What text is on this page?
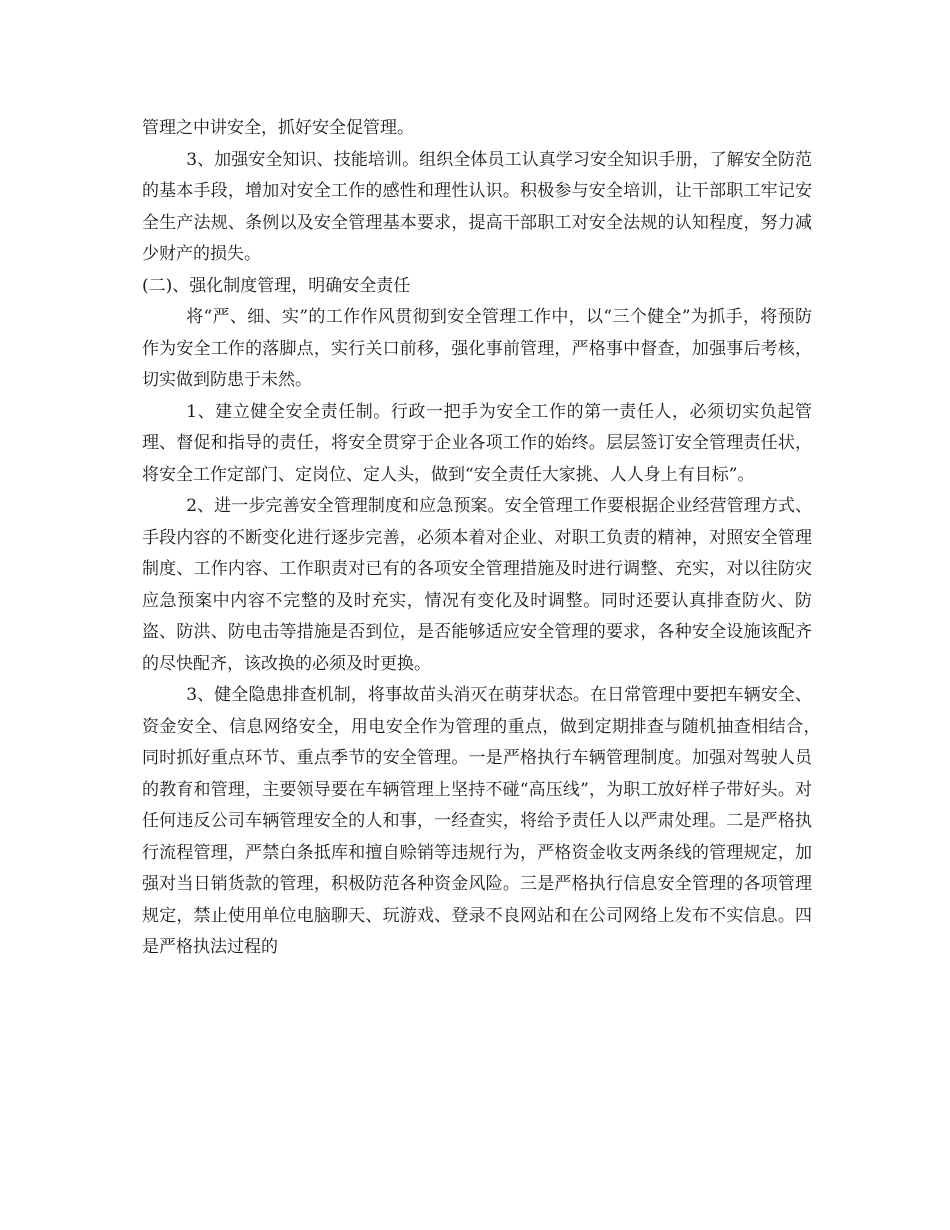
管理之中讲安全，抓好安全促管理。

3、加强安全知识、技能培训。组织全体员工认真学习安全知识手册，了解安全防范的基本手段，增加对安全工作的感性和理性认识。积极参与安全培训，让干部职工牢记安全生产法规、条例以及安全管理基本要求，提高干部职工对安全法规的认知程度，努力减少财产的损失。

(二)、强化制度管理，明确安全责任

将“严、细、实”的工作作风贯彻到安全管理工作中，以“三个健全”为抓手，将预防作为安全工作的落脚点，实行关口前移，强化事前管理，严格事中督查，加强事后考核，切实做到防患于未然。

1、建立健全安全责任制。行政一把手为安全工作的第一责任人，必须切实负起管理、督促和指导的责任，将安全贯穿于企业各项工作的始终。层层签订安全管理责任状，将安全工作定部门、定岗位、定人头，做到“安全责任大家挑、人人身上有目标”。

2、进一步完善安全管理制度和应急预案。安全管理工作要根据企业经营管理方式、手段内容的不断变化进行逐步完善，必须本着对企业、对职工负责的精神，对照安全管理制度、工作内容、工作职责对已有的各项安全管理措施及时进行调整、充实，对以往防灾应急预案中内容不完整的及时充实，情况有变化及时调整。同时还要认真排查防火、防盗、防洪、防电击等措施是否到位，是否能够适应安全管理的要求，各种安全设施该配齐的尽快配齐，该改换的必须及时更换。

3、健全隐患排查机制，将事故苗头消灭在萌芽状态。在日常管理中要把车辆安全、资金安全、信息网络安全，用电安全作为管理的重点，做到定期排查与随机抽查相结合，　　同时抓好重点环节、重点季节的安全管理。一是严格执行车辆管理制度。加强对驾驶人员的教育和管理，主要领导要在车辆管理上坚持不碰“高压线”，为职工放好样子带好头。对任何违反公司车辆管理安全的人和事，一经查实，将给予责任人以严肃处理。二是严格执行流程管理，严禁白条抵库和擅自赊销等违规行为，严格资金收支两条线的管理规定，加强对当日销货款的管理，积极防范各种资金风险。三是严格执行信息安全管理的各项管理规定，禁止使用单位电脑聊天、玩游戏、登录不良网站和在公司网络上发布不实信息。四是严格执法过程的
